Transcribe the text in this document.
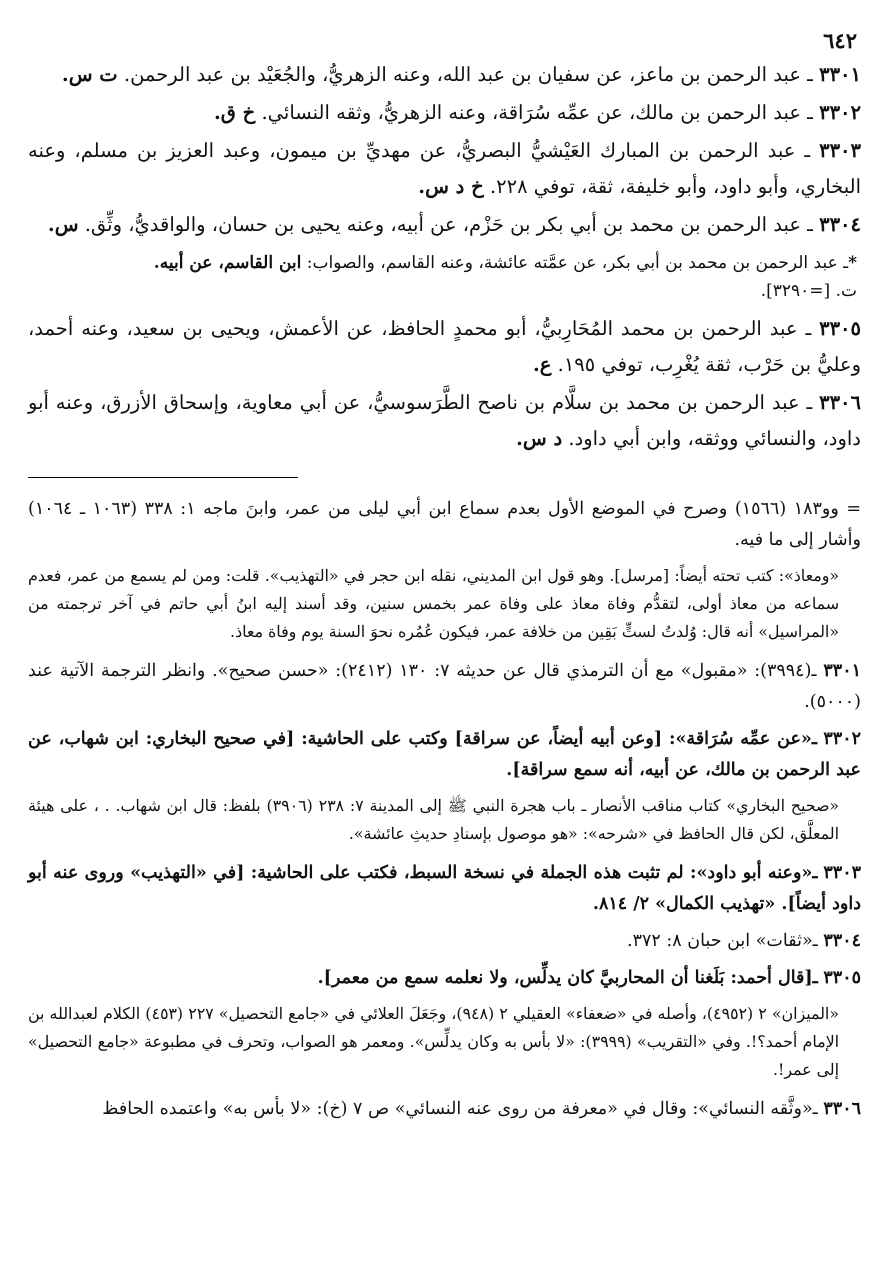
٦٤٢

٣٣٠١ ـ عبد الرحمن بن ماعز، عن سفيان بن عبد الله، وعنه الزهريُّ، والجُعَيْد بن عبد الرحمن. ت س.

٣٣٠٢ ـ عبد الرحمن بن مالك، عن عمِّه سُرَاقة، وعنه الزهريُّ، وثقه النسائي. خ ق.

٣٣٠٣ ـ عبد الرحمن بن المبارك العَيْشيُّ البصريُّ، عن مهديِّ بن ميمون، وعبد العزيز بن مسلم، وعنه البخاري، وأبو داود، وأبو خليفة، ثقة، توفي ٢٢٨. خ د س.

٣٣٠٤ ـ عبد الرحمن بن محمد بن أبي بكر بن حَزْم، عن أبيه، وعنه يحيى بن حسان، والواقديُّ، وثِّق. س.

*ـ عبد الرحمن بن محمد بن أبي بكر، عن عمَّته عائشة، وعنه القاسم، والصواب: ابن القاسم، عن أبيه.
ت. [=٣٢٩٠].

٣٣٠٥ ـ عبد الرحمن بن محمد المُحَارِبيُّ، أبو محمدٍ الحافظ، عن الأعمش، ويحيى بن سعيد، وعنه أحمد، وعليُّ بن حَرْب، ثقة يُغْرِب، توفي ١٩٥. ع.

٣٣٠٦ ـ عبد الرحمن بن محمد بن سلَّام بن ناصح الطَّرَسوسيُّ، عن أبي معاوية، وإسحاق الأزرق، وعنه أبو داود، والنسائي ووثقه، وابن أبي داود. د س.

= وو١٨٣ (١٥٦٦) وصرح في الموضع الأول بعدم سماع ابن أبي ليلى من عمر، وابنَ ماجه ١: ٣٣٨ (١٠٦٣ ـ ١٠٦٤) وأشار إلى ما فيه.

«ومعاذ»: كتب تحته أيضاً: [مرسل]. وهو قول ابن المديني، نقله ابن حجر في «التهذيب». قلت: ومن لم يسمع من عمر، فعدم سماعه من معاذ أولى، لتقدُّم وفاة معاذ على وفاة عمر بخمس سنين، وقد أسند إليه ابنُ أبي حاتم في آخر ترجمته من «المراسيل» أنه قال: وُلدتُ لستٍّ بَقِين من خلافة عمر، فيكون عُمُره نحوَ السنة يوم وفاة معاذ.

٣٣٠١ ـ(٣٩٩٤): «مقبول» مع أن الترمذي قال عن حديثه ٧: ١٣٠ (٢٤١٢): «حسن صحيح». وانظر الترجمة الآتية عند (٥٠٠٠).

٣٣٠٢ ـ«عن عمِّه سُرَاقة»: [وعن أبيه أيضاً، عن سراقة] وكتب على الحاشية: [في صحيح البخاري: ابن شهاب، عن عبد الرحمن بن مالك، عن أبيه، أنه سمع سراقة].

«صحيح البخاري» كتاب مناقب الأنصار ـ باب هجرة النبي ﷺ إلى المدينة ٧: ٢٣٨ (٣٩٠٦) بلفظ: قال ابن شهاب. . ، على هيئة المعلَّق، لكن قال الحافظ في «شرحه»: «هو موصول بإسنادِ حديثِ عائشة».

٣٣٠٣ ـ«وعنه أبو داود»: لم تثبت هذه الجملة في نسخة السبط، فكتب على الحاشية: [في «التهذيب» وروى عنه أبو داود أيضاً]. «تهذيب الكمال» ٢/ ٨١٤.

٣٣٠٤ ـ«ثقات» ابن حبان ٨: ٣٧٢.

٣٣٠٥ ـ[قال أحمد: بَلَغنا أن المحاربيَّ كان يدلِّس، ولا نعلمه سمع من معمر].

«الميزان» ٢ (٤٩٥٢)، وأصله في «ضعفاء» العقيلي ٢ (٩٤٨)، وجَعَلَ العلائي في «جامع التحصيل» ٢٢٧ (٤٥٣) الكلام لعبدالله بن الإمام أحمد؟!. وفي «التقريب» (٣٩٩٩): «لا بأس به وكان يدلِّس». ومعمر هو الصواب، وتحرف في مطبوعة «جامع التحصيل» إلى عمر!.

٣٣٠٦ ـ«وثَّقه النسائي»: وقال في «معرفة من روى عنه النسائي» ص ٧ (خ): «لا بأس به» واعتمده الحافظ
